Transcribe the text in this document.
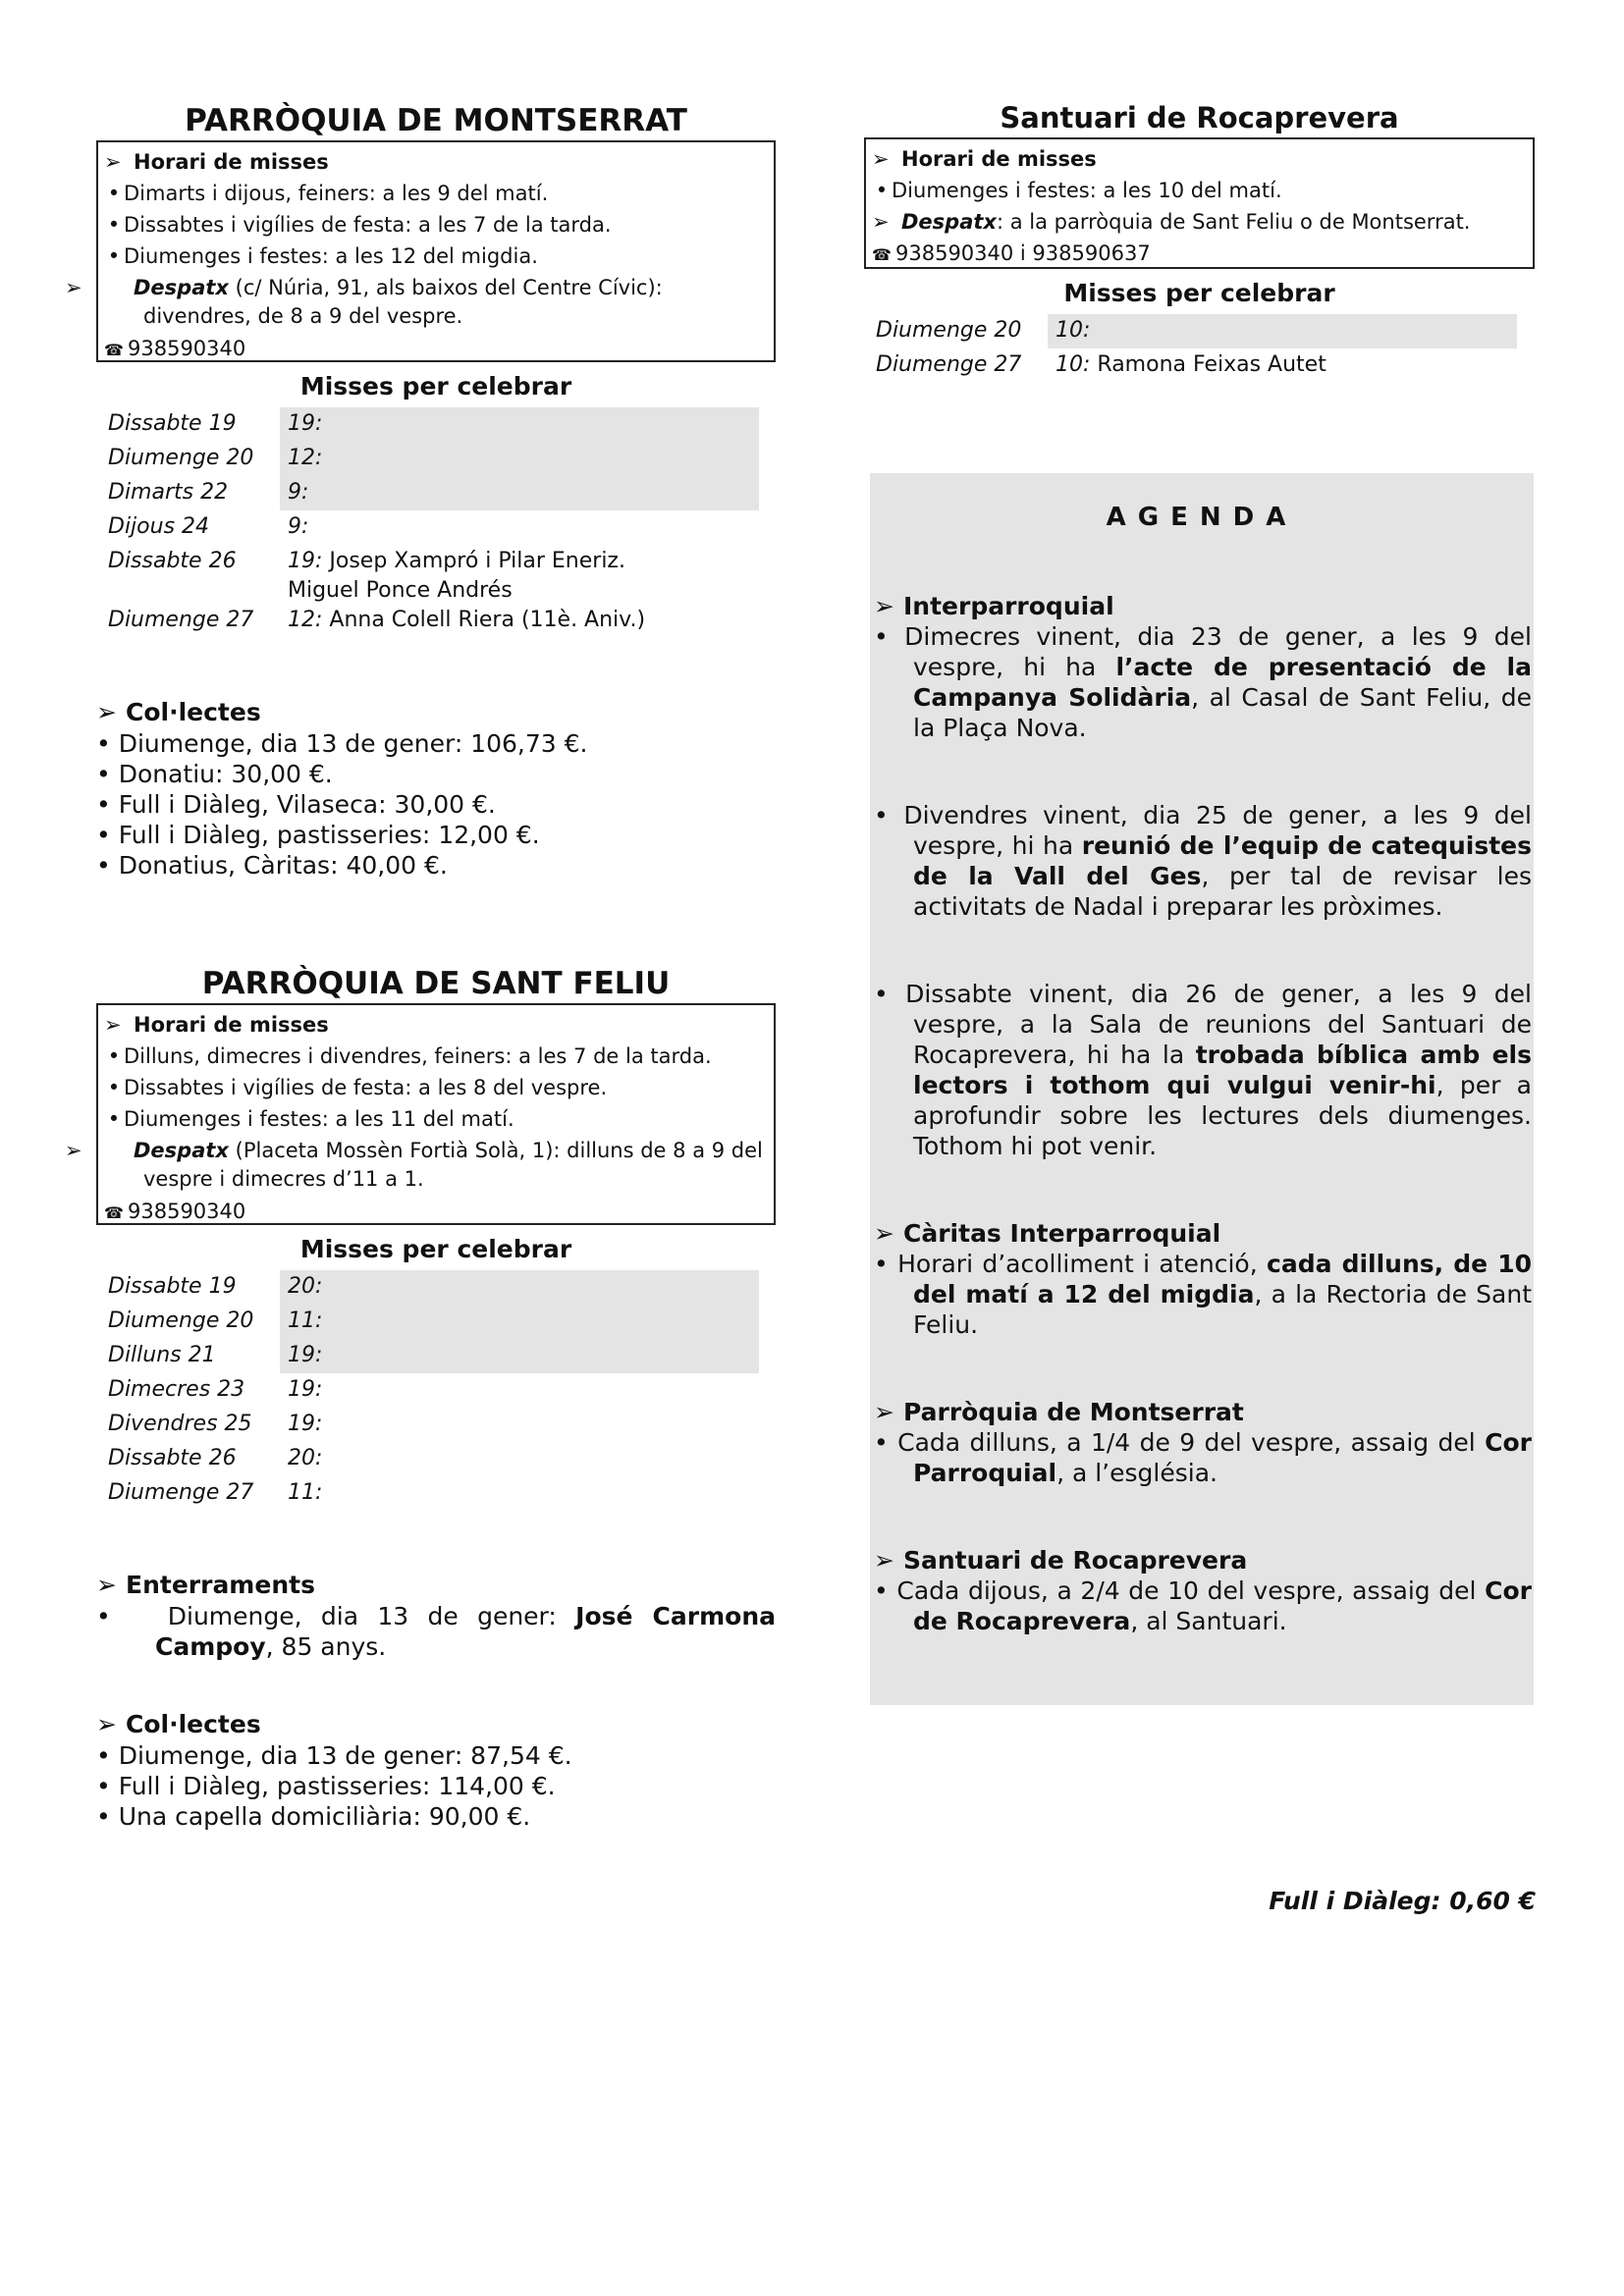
PARRÒQUIA DE MONTSERRAT
➢ Horari de misses
• Dimarts i dijous, feiners: a les 9 del matí.
• Dissabtes i vigílies de festa: a les 7 de la tarda.
• Diumenges i festes: a les 12 del migdia.
➢ Despatx (c/ Núria, 91, als baixos del Centre Cívic): divendres, de 8 a 9 del vespre.
☎ 938590340
Misses per celebrar
Dissabte 19	19:
Diumenge 20	12:
Dimarts 22	9:
Dijous 24	9:
Dissabte 26	19: Josep Xampró i Pilar Eneriz.
Miguel Ponce Andrés

Diumenge 27	12: Anna Colell Riera (11è. Aniv.)
➢ Col·lectes
• Diumenge, dia 13 de gener: 106,73 €.
• Donatiu: 30,00 €.
• Full i Diàleg, Vilaseca: 30,00 €.
• Full i Diàleg, pastisseries: 12,00 €.
• Donatius, Càritas: 40,00 €.
PARRÒQUIA DE SANT FELIU
➢ Horari de misses
• Dilluns, dimecres i divendres, feiners: a les 7 de la tarda.
• Dissabtes i vigílies de festa: a les 8 del vespre.
• Diumenges i festes: a les 11 del matí.
➢ Despatx (Placeta Mossèn Fortià Solà, 1): dilluns de 8 a 9 del vespre i dimecres d’11 a 1.
☎ 938590340
Misses per celebrar
Dissabte 19	20:
Diumenge 20	11:
Dilluns 21	19:
Dimecres 23	19:
Divendres 25	19:
Dissabte 26	20:
Diumenge 27	11:
➢ Enterraments
•   Diumenge, dia 13 de gener: José Carmona Campoy, 85 anys.
➢ Col·lectes
• Diumenge, dia 13 de gener: 87,54 €.
• Full i Diàleg, pastisseries: 114,00 €.
• Una capella domiciliària: 90,00 €.
Santuari de Rocaprevera
➢ Horari de misses
• Diumenges i festes: a les 10 del matí.
➢ Despatx: a la parròquia de Sant Feliu o de Montserrat.
☎ 938590340 i 938590637
Misses per celebrar
Diumenge 20	10:
Diumenge 27	10: Ramona Feixas Autet
AGENDA
➢ Interparroquial
• Dimecres vinent, dia 23 de gener, a les 9 del vespre, hi ha l’acte de presentació de la Campanya Solidària, al Casal de Sant Feliu, de la Plaça Nova.
• Divendres vinent, dia 25 de gener, a les 9 del vespre, hi ha reunió de l’equip de catequistes de la Vall del Ges, per tal de revisar les activitats de Nadal i preparar les pròximes.
• Dissabte vinent, dia 26 de gener, a les 9 del vespre, a la Sala de reunions del Santuari de Rocaprevera, hi ha la trobada bíblica amb els lectors i tothom qui vulgui venir-hi, per a aprofundir sobre les lectures dels diumenges. Tothom hi pot venir.
➢ Càritas Interparroquial
• Horari d’acolliment i atenció, cada dilluns, de 10 del matí a 12 del migdia, a la Rectoria de Sant Feliu.
➢ Parròquia de Montserrat
• Cada dilluns, a 1/4 de 9 del vespre, assaig del Cor Parroquial, a l’església.
➢ Santuari de Rocaprevera
• Cada dijous, a 2/4 de 10 del vespre, assaig del Cor de Rocaprevera, al Santuari.
Full i Diàleg: 0,60 €
